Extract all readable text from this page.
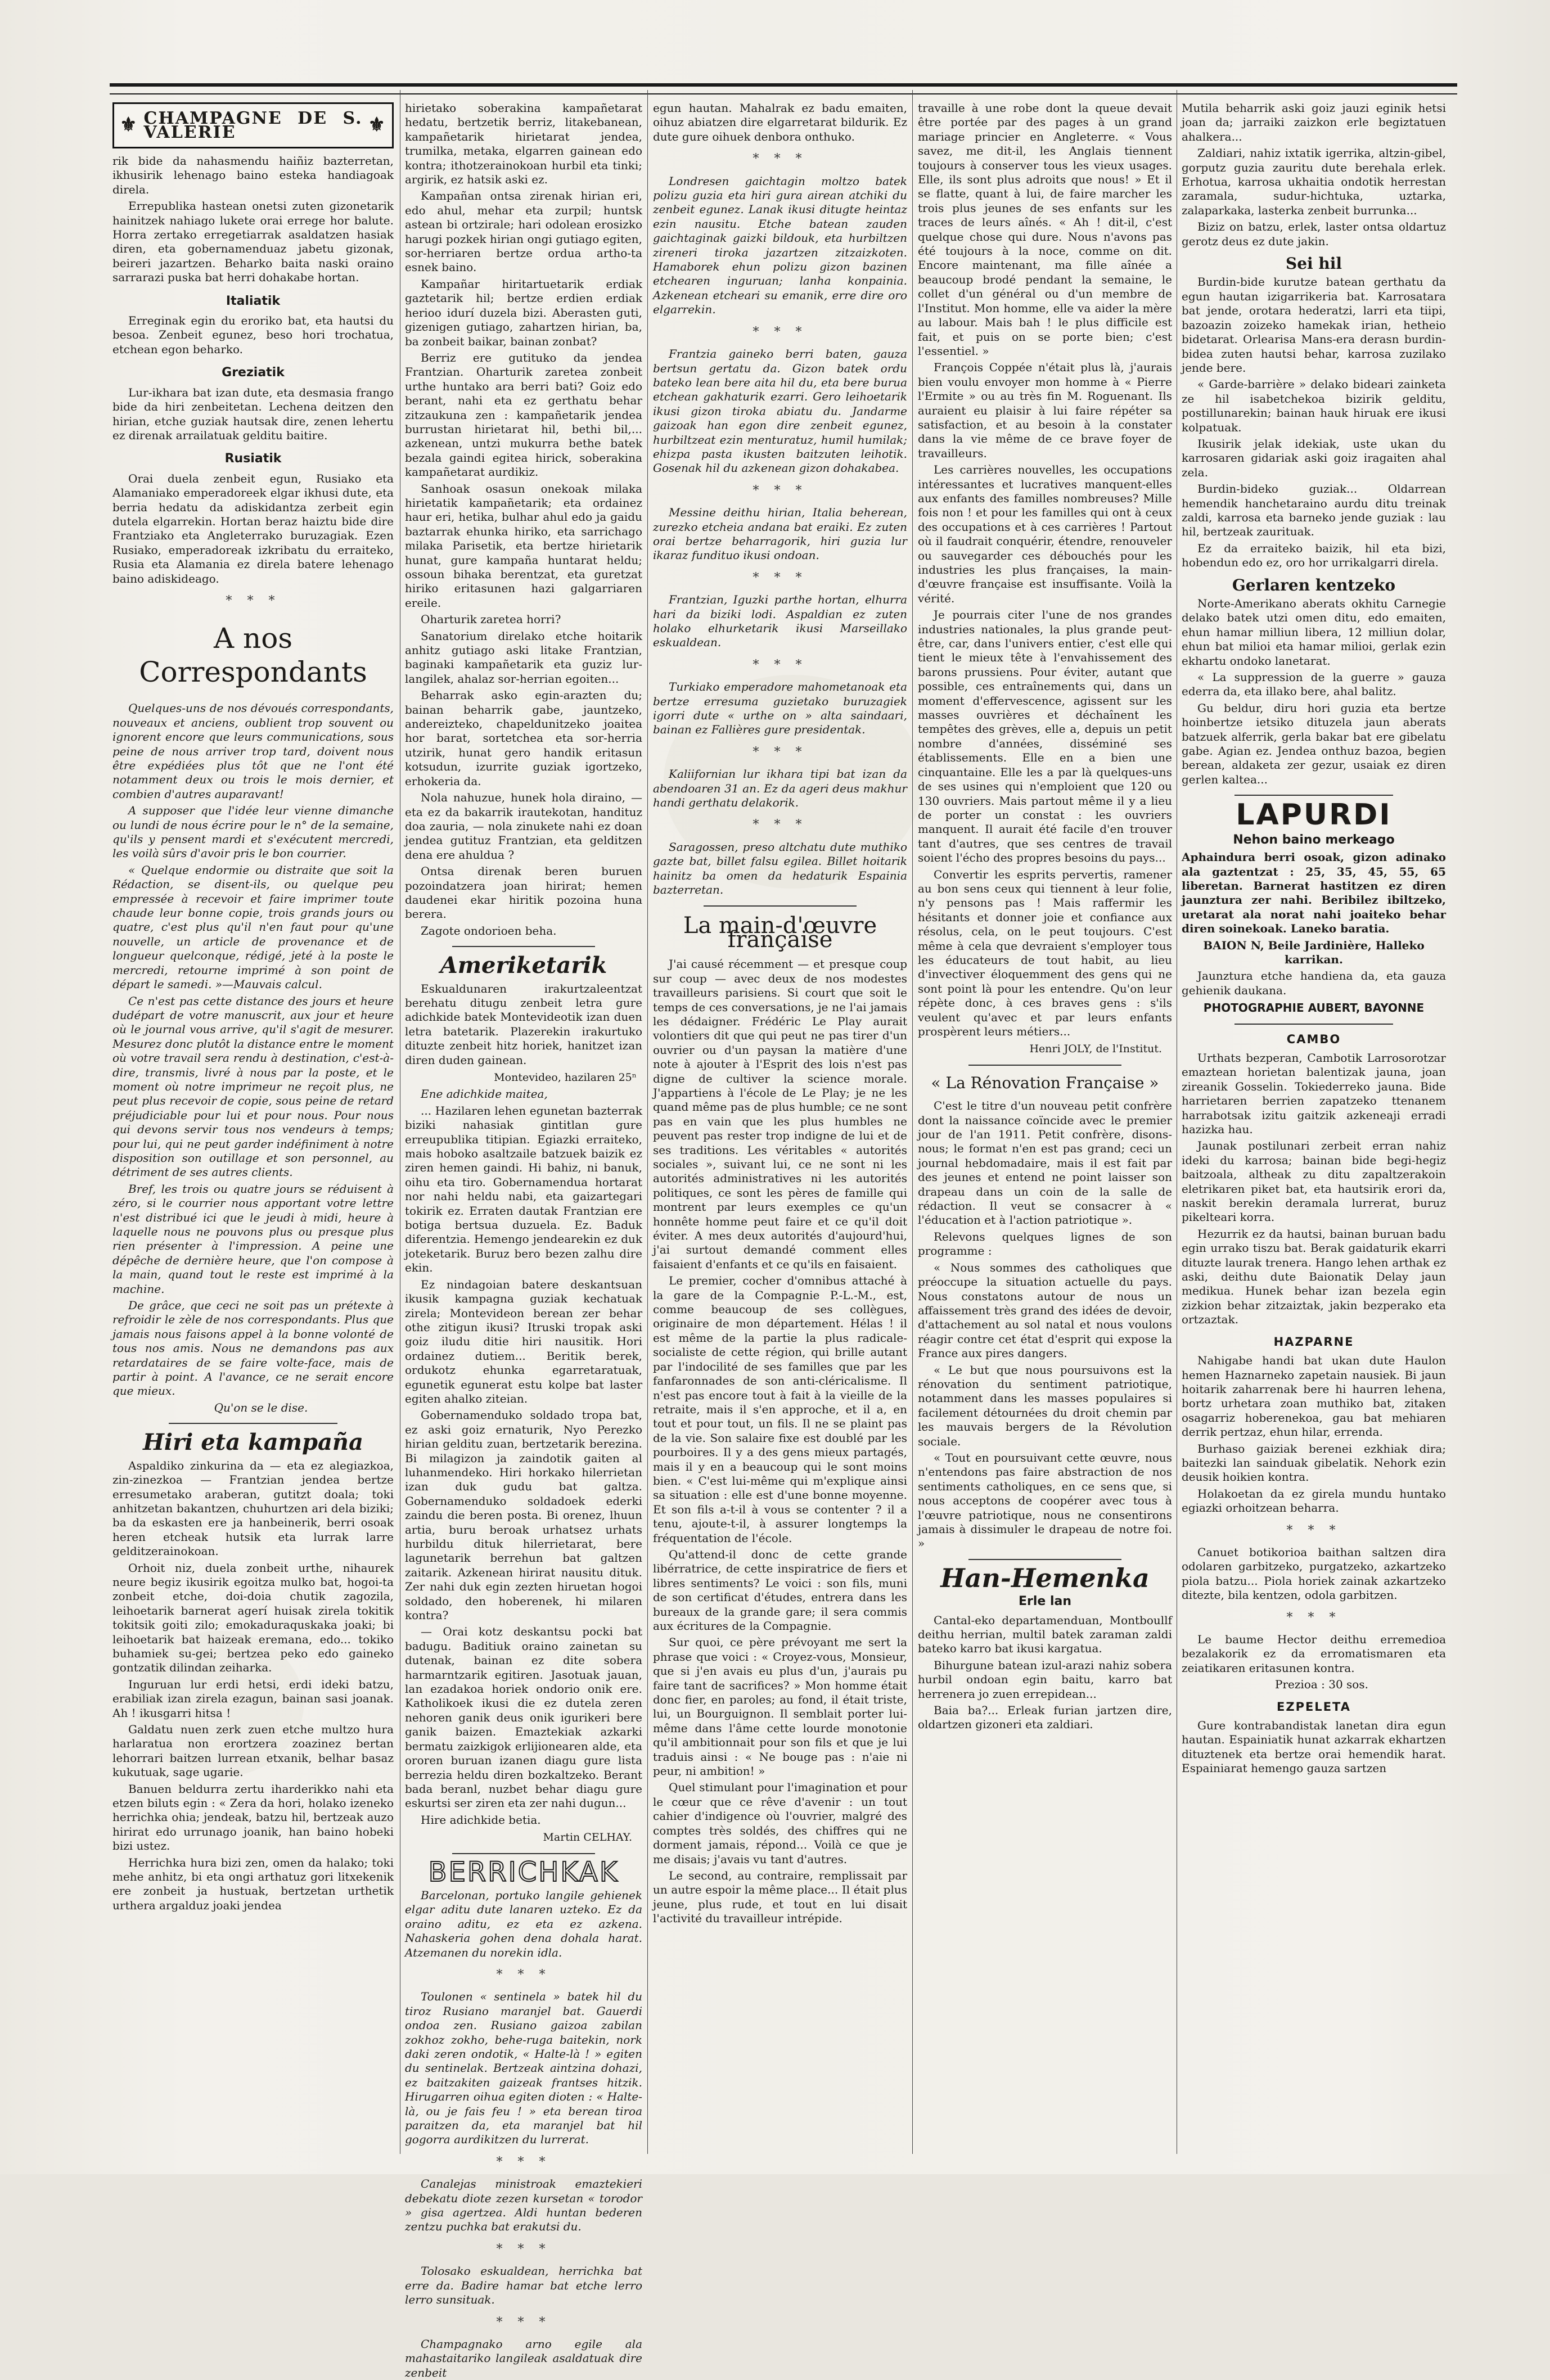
⚜ CHAMPAGNE DE S. VALERIE	⚜

rik bide da nahasmendu haiñiz bazterretan, ikhusirik lehenago baino esteka handiagoak direla.

Errepublika hastean onetsi zuten gizonetarik hainitzek nahiago lukete orai errege hor balute. Horra zertako erregetiarrak asaldatzen hasiak diren, eta gobernamenduaz jabetu gizonak, beireri jazartzen. Beharko baita naski oraino sarrarazi puska bat herri dohakabe hortan.

Italiatik

Erreginak egin du eroriko bat, eta hautsi du besoa. Zenbeit egunez, beso hori trochatua, etchean egon beharko.

Greziatik

Lur-ikhara bat izan dute, eta desmasia frango bide da hiri zenbeitetan. Lechena deitzen den hirian, etche guziak hautsak dire, zenen lehertu ez direnak arrailatuak gelditu baitire.

Rusiatik

Orai duela zenbeit egun, Rusiako eta Alamaniako emperadoreek elgar ikhusi dute, eta berria hedatu da adiskidantza zerbeit egin dutela elgarrekin. Hortan beraz haiztu bide dire Frantziako eta Angleterrako buruzagiak. Ezen Rusiako, emperadoreak izkribatu du erraiteko, Rusia eta Alamania ez direla batere lehenago baino adiskideago.

* * *
A nos Correspondants

Quelques-uns de nos dévoués correspondants, nouveaux et anciens, oublient trop souvent ou ignorent encore que leurs communications, sous peine de nous arriver trop tard, doivent nous être expédiées plus tôt que ne l'ont été notamment deux ou trois le mois dernier, et combien d'autres auparavant!

A supposer que l'idée leur vienne dimanche ou lundi de nous écrire pour le n° de la semaine, qu'ils y pensent mardi et s'exécutent mercredi, les voilà sûrs d'avoir pris le bon courrier.

« Quelque endormie ou distraite que soit la Rédaction, se disent-ils, ou quelque peu empressée à recevoir et faire imprimer toute chaude leur bonne copie, trois grands jours ou quatre, c'est plus qu'il n'en faut pour qu'une nouvelle, un article de provenance et de longueur quelconque, rédigé, jeté à la poste le mercredi, retourne imprimé à son point de départ le samedi. »—Mauvais calcul.

Ce n'est pas cette distance des jours et heure dudépart de votre manuscrit, aux jour et heure où le journal vous arrive, qu'il s'agit de mesurer. Mesurez donc plutôt la distance entre le moment où votre travail sera rendu à destination, c'est-à-dire, transmis, livré à nous par la poste, et le moment où notre imprimeur ne reçoit plus, ne peut plus recevoir de copie, sous peine de retard préjudiciable pour lui et pour nous. Pour nous qui devons servir tous nos vendeurs à temps; pour lui, qui ne peut garder indéfiniment à notre disposition son outillage et son personnel, au détriment de ses autres clients.

Bref, les trois ou quatre jours se réduisent à zéro, si le courrier nous apportant votre lettre n'est distribué ici que le jeudi à midi, heure à laquelle nous ne pouvons plus ou presque plus rien présenter à l'impression. A peine une dépêche de dernière heure, que l'on compose à la main, quand tout le reste est imprimé à la machine.

De grâce, que ceci ne soit pas un prétexte à refroidir le zèle de nos correspondants. Plus que jamais nous faisons appel à la bonne volonté de tous nos amis. Nous ne demandons pas aux retardataires de se faire volte-face, mais de partir à point. A l'avance, ce ne serait encore que mieux.

Qu'on se le dise.

Hiri eta kampaña

Aspaldiko zinkurina da — eta ez alegiazkoa, zin-zinezkoa — Frantzian jendea bertze erresumetako araberan, gutitzt doala; toki anhitzetan bakantzen, chuhurtzen ari dela biziki; ba da eskasten ere ja hanbeinerik, berri osoak heren etcheak hutsik eta lurrak larre gelditzerainokoan.

Orhoit niz, duela zonbeit urthe, nihaurek neure begiz ikusirik egoitza mulko bat, hogoi-ta zonbeit etche, doi-doia chutik zagozila, leihoetarik barnerat agerí huisak zirela tokitik tokitsik goiti zilo; emokaduraquskaka joaki; bi leihoetarik bat haizeak eremana, edo... tokiko buhamiek su-gei; bertzea peko edo gaineko gontzatik dilindan zeiharka.

Inguruan lur erdi hetsi, erdi ideki batzu, erabiliak izan zirela ezagun, bainan sasi joanak. Ah ! ikusgarri hitsa !

Galdatu nuen zerk zuen etche multzo hura harlaratua non erortzera zoazinez bertan lehorrari baitzen lurrean etxanik, belhar basaz kukutuak, sage ugarie.

Banuen beldurra zertu iharderikko nahi eta etzen biluts egin : « Zera da hori, holako izeneko herrichka ohia; jendeak, batzu hil, bertzeak auzo hirirat edo urrunago joanik, han baino hobeki bizi ustez.

Herrichka hura bizi zen, omen da halako; toki mehe anhitz, bi eta ongi arthatuz gori litxekenik ere zonbeit ja hustuak, bertzetan urthetik urthera argalduz joaki jendea

hirietako soberakina kampañetarat hedatu, bertzetik berriz, litakebanean, kampañetarik hirietarat jendea, trumilka, metaka, elgarren gainean edo kontra; ithotzerainokoan hurbil eta tinki; argirik, ez hatsik aski ez.

Kampañan ontsa zirenak hirian eri, edo ahul, mehar eta zurpil; huntsk astean bi ortzirale; hari odolean erosizko harugi pozkek hirian ongi gutiago egiten, sor-herriaren bertze ordua artho-ta esnek baino.

Kampañar hiritartuetarik erdiak gaztetarik hil; bertze erdien erdiak herioo idurí duzela bizi. Aberasten guti, gizenigen gutiago, zahartzen hirian, ba, ba zonbeit baikar, bainan zonbat?

Berriz ere gutituko da jendea Frantzian. Oharturik zaretea zonbeit urthe huntako ara berri bati? Goiz edo berant, nahi eta ez gerthatu behar zitzaukuna zen : kampañetarik jendea burrustan hirietarat hil, bethi bil,... azkenean, untzi mukurra bethe batek bezala gaindi egitea hirick, soberakina kampañetarat aurdikiz.

Sanhoak osasun onekoak milaka hirietatik kampañetarik; eta ordainez haur eri, hetika, bulhar ahul edo ja gaidu baztarrak ehunka hiriko, eta sarrichago milaka Parisetik, eta bertze hirietarik hunat, gure kampaña huntarat heldu; ossoun bihaka berentzat, eta guretzat hiriko eritasunen hazi galgarriaren ereile.

Oharturik zaretea horri?

Sanatorium direlako etche hoitarik anhitz gutiago aski litake Frantzian, baginaki kampañetarik eta guziz lur-langilek, ahalaz sor-herrian egoiten...

Beharrak asko egin-arazten du; bainan beharrik gabe, jauntzeko, andereizteko, chapeldunitzeko joaitea hor barat, sortetchea eta sor-herria utzirik, hunat gero handik eritasun kotsudun, izurrite guziak igortzeko, erhokeria da.

Nola nahuzue, hunek hola diraino, — eta ez da bakarrik irautekotan, handituz doa zauria, — nola zinukete nahi ez doan jendea gutituz Frantzian, eta gelditzen dena ere ahuldua ?

Ontsa direnak beren buruen pozoindatzera joan hirirat; hemen daudenei ekar hiritik pozoina huna berera.

Zagote ondorioen beha.

Ameriketarik

Eskualdunaren irakurtzaleentzat berehatu ditugu zenbeit letra gure adichkide batek Montevideotik izan duen letra batetarik. Plazerekin irakurtuko dituzte zenbeit hitz horiek, hanitzet izan diren duden gainean.

Montevideo, hazilaren 25ⁿ

Ene adichkide maitea,

... Hazilaren lehen egunetan bazterrak biziki nahasiak gintitlan gure erreupublika titipian. Egiazki erraiteko, mais hoboko asaltzaile batzuek baizik ez ziren hemen gaindi. Hi bahiz, ni banuk, oihu eta tiro. Gobernamendua hortarat nor nahi heldu nabi, eta gaizartegari tokirik ez. Erraten dautak Frantzian ere botiga bertsua duzuela. Ez. Baduk diferentzia. Hemengo jendearekin ez duk joteketarik. Buruz bero bezen zalhu dire ekin.

Ez nindagoian batere deskantsuan ikusik kampagna guziak kechatuak zirela; Montevideon berean zer behar othe zitigun ikusi? Itruski tropak aski goiz iludu ditie hiri nausitik. Hori ordainez dutiem... Beritik berek, ordukotz ehunka egarretaratuak, egunetik egunerat estu kolpe bat laster egiten ahalko ziteian.

Gobernamenduko soldado tropa bat, ez aski goiz ernaturik, Nyo Perezko hirian gelditu zuan, bertzetarik berezina. Bi milagizon ja zaindotik gaiten al luhanmendeko. Hiri horkako hilerrietan izan duk gudu bat galtza. Gobernamenduko soldadoek ederki zaindu die beren posta. Bi orenez, lhuun artia, buru beroak urhatsez urhats hurbildu dituk hilerrietarat, bere lagunetarik berrehun bat galtzen zaitarik. Azkenean hirirat nausitu dituk. Zer nahi duk egin zezten hiruetan hogoi soldado, den hoberenek, hi milaren kontra?

— Orai kotz deskantsu pocki bat badugu. Baditiuk oraino zainetan su dutenak, bainan ez dite sobera harmarntzarik egitiren. Jasotuak jauan, lan ezadakoa horiek ondorio onik ere. Katholikoek ikusi die ez dutela zeren nehoren ganik deus onik igurikeri bere ganik baizen. Emaztekiak azkarki bermatu zaizkigok erlijionearen alde, eta ororen buruan izanen diagu gure lista berrezia heldu diren bozkaltzeko. Berant bada beranl, nuzbet behar diagu gure eskurtsi ser ziren eta zer nahi dugun...

Hire adichkide betia.

Martin CELHAY.
BERRICHKAK

Barcelonan, portuko langile gehienek elgar aditu dute lanaren uzteko. Ez da oraino aditu, ez eta ez azkena. Nahaskeria gohen dena dohala harat. Atzemanen du norekin idla.

* * *

Toulonen « sentinela » batek hil du tiroz Rusiano maranjel bat. Gauerdi ondoa zen. Rusiano gaizoa zabilan zokhoz zokho, behe-ruga baitekin, nork daki zeren ondotik, « Halte-là ! » egiten du sentinelak. Bertzeak aintzina dohazi, ez baitzakiten gaizeak frantses hitzik. Hirugarren oihua egiten dioten : « Halte-là, ou je fais feu ! » eta berean tiroa paraitzen da, eta maranjel bat hil gogorra aurdikitzen du lurrerat.

* * *

Canalejas ministroak emaztekieri debekatu diote zezen kursetan « torodor » gisa agertzea. Aldi huntan bederen zentzu puchka bat erakutsi du.

* * *

Tolosako eskualdean, herrichka bat erre da. Badire hamar bat etche lerro lerro sunsituak.

* * *

Champagnako arno egile ala mahastaitariko langileak asaldatuak dire zenbeit

egun hautan. Mahalrak ez badu emaiten, oihuz abiatzen dire elgarretarat bildurik. Ez dute gure oihuek denbora onthuko.

* * *

Londresen gaichtagin moltzo batek polizu guzia eta hiri gura airean atchiki du zenbeit egunez. Lanak ikusi ditugte heintaz ezin nausitu. Etche batean zauden gaichtaginak gaizki bildouk, eta hurbiltzen zireneri tiroka jazartzen zitzaizkoten. Hamaborek ehun polizu gizon bazinen etchearen inguruan; lanha konpainia. Azkenean etcheari su emanik, erre dire oro elgarrekin.

* * *

Frantzia gaineko berri baten, gauza bertsun gertatu da. Gizon batek ordu bateko lean bere aita hil du, eta bere burua etchean gakhaturik ezarri. Gero leihoetarik ikusi gizon tiroka abiatu du. Jandarme gaizoak han egon dire zenbeit egunez, hurbiltzeat ezin menturatuz, humil humilak; ehizpa pasta ikusten baitzuten leihotik. Gosenak hil du azkenean gizon dohakabea.

* * *

Messine deithu hirian, Italia beherean, zurezko etcheia andana bat eraiki. Ez zuten orai bertze beharragorik, hiri guzia lur ikaraz fundituo ikusi ondoan.

* * *

Frantzian, Iguzki parthe hortan, elhurra hari da biziki lodi. Aspaldian ez zuten holako elhurketarik ikusi Marseillako eskualdean.

* * *

Turkiako emperadore mahometanoak eta bertze erresuma guzietako buruzagiek igorri dute « urthe on » alta saindaari, bainan ez Fallières gure presidentak.

* * *

Kaliifornian lur ikhara tipi bat izan da abendoaren 31 an. Ez da ageri deus makhur handi gerthatu delakorik.

* * *

Saragossen, preso altchatu dute muthiko gazte bat, billet falsu egilea. Billet hoitarik hainitz ba omen da hedaturik Espainia bazterretan.

La main-d'œuvre française

J'ai causé récemment — et presque coup sur coup — avec deux de nos modestes travailleurs parisiens. Si court que soit le temps de ces conversations, je ne l'ai jamais les dédaigner. Frédéric Le Play aurait volontiers dit que qui peut ne pas tirer d'un ouvrier ou d'un paysan la matière d'une note à ajouter à l'Esprit des lois n'est pas digne de cultiver la science morale. J'appartiens à l'école de Le Play; je ne les quand même pas de plus humble; ce ne sont pas en vain que les plus humbles ne peuvent pas rester trop indigne de lui et de ses traditions. Les véritables « autorités sociales », suivant lui, ce ne sont ni les autorités administratives ni les autorités politiques, ce sont les pères de famille qui montrent par leurs exemples ce qu'un honnête homme peut faire et ce qu'il doit éviter. A mes deux autorités d'aujourd'hui, j'ai surtout demandé comment elles faisaient d'enfants et ce qu'ils en faisaient.

Le premier, cocher d'omnibus attaché à la gare de la Compagnie P.-L.-M., est, comme beaucoup de ses collègues, originaire de mon département. Hélas ! il est même de la partie la plus radicale-socialiste de cette région, qui brille autant par l'indocilité de ses familles que par les fanfaronnades de son anti-cléricalisme. Il n'est pas encore tout à fait à la vieille de la retraite, mais il s'en approche, et il a, en tout et pour tout, un fils. Il ne se plaint pas de la vie. Son salaire fixe est doublé par les pourboires. Il y a des gens mieux partagés, mais il y en a beaucoup qui le sont moins bien. « C'est lui-même qui m'explique ainsi sa situation : elle est d'une bonne moyenne. Et son fils a-t-il à vous se contenter ? il a tenu, ajoute-t-il, à assurer longtemps la fréquentation de l'école.

Qu'attend-il donc de cette grande libérratrice, de cette inspiratrice de fiers et libres sentiments? Le voici : son fils, muni de son certificat d'études, entrera dans les bureaux de la grande gare; il sera commis aux écritures de la Compagnie.

Sur quoi, ce père prévoyant me sert la phrase que voici : « Croyez-vous, Monsieur, que si j'en avais eu plus d'un, j'aurais pu faire tant de sacrifices? » Mon homme était donc fier, en paroles; au fond, il était triste, lui, un Bourguignon. Il semblait porter lui-même dans l'âme cette lourde monotonie qu'il ambitionnait pour son fils et que je lui traduis ainsi : « Ne bouge pas : n'aie ni peur, ni ambition! »

Quel stimulant pour l'imagination et pour le cœur que ce rêve d'avenir : un tout cahier d'indigence où l'ouvrier, malgré des comptes très soldés, des chiffres qui ne dorment jamais, répond... Voilà ce que je me disais; j'avais vu tant d'autres.

Le second, au contraire, remplissait par un autre espoir la même place... Il était plus jeune, plus rude, et tout en lui disait l'activité du travailleur intrépide.

travaille à une robe dont la queue devait être portée par des pages à un grand mariage princier en Angleterre. « Vous savez, me dit-il, les Anglais tiennent toujours à conserver tous les vieux usages. Elle, ils sont plus adroits que nous! » Et il se flatte, quant à lui, de faire marcher les trois plus jeunes de ses enfants sur les traces de leurs aînés. « Ah ! dit-il, c'est quelque chose qui dure. Nous n'avons pas été toujours à la noce, comme on dit. Encore maintenant, ma fille aînée a beaucoup brodé pendant la semaine, le collet d'un général ou d'un membre de l'Institut. Mon homme, elle va aider la mère au labour. Mais bah ! le plus difficile est fait, et puis on se porte bien; c'est l'essentiel. »

François Coppée n'était plus là, j'aurais bien voulu envoyer mon homme à « Pierre l'Ermite » ou au très fin M. Roguenant. Ils auraient eu plaisir à lui faire répéter sa satisfaction, et au besoin à la constater dans la vie même de ce brave foyer de travailleurs.

Les carrières nouvelles, les occupations intéressantes et lucratives manquent-elles aux enfants des familles nombreuses? Mille fois non ! et pour les familles qui ont à ceux des occupations et à ces carrières ! Partout où il faudrait conquérir, étendre, renouveler ou sauvegarder ces débouchés pour les industries les plus françaises, la main-d'œuvre française est insuffisante. Voilà la vérité.

Je pourrais citer l'une de nos grandes industries nationales, la plus grande peut-être, car, dans l'univers entier, c'est elle qui tient le mieux tête à l'envahissement des barons prussiens. Pour éviter, autant que possible, ces entraînements qui, dans un moment d'effervescence, agissent sur les masses ouvrières et déchaînent les tempêtes des grèves, elle a, depuis un petit nombre d'années, disséminé ses établissements. Elle en a bien une cinquantaine. Elle les a par là quelques-uns de ses usines qui n'emploient que 120 ou 130 ouvriers. Mais partout même il y a lieu de porter un constat : les ouvriers manquent. Il aurait été facile d'en trouver tant d'autres, que ses centres de travail soient l'écho des propres besoins du pays...

Convertir les esprits pervertis, ramener au bon sens ceux qui tiennent à leur folie, n'y pensons pas ! Mais raffermir les hésitants et donner joie et confiance aux résolus, cela, on le peut toujours. C'est même à cela que devraient s'employer tous les éducateurs de tout habit, au lieu d'invectiver éloquemment des gens qui ne sont point là pour les entendre. Qu'on leur répète donc, à ces braves gens : s'ils veulent qu'avec et par leurs enfants prospèrent leurs métiers...

Henri JOLY, de l'Institut.
« La Rénovation Française »

C'est le titre d'un nouveau petit confrère dont la naissance coïncide avec le premier jour de l'an 1911. Petit confrère, disons-nous; le format n'en est pas grand; ceci un journal hebdomadaire, mais il est fait par des jeunes et entend ne point laisser son drapeau dans un coin de la salle de rédaction. Il veut se consacrer à « l'éducation et à l'action patriotique ».

Relevons quelques lignes de son programme :

« Nous sommes des catholiques que préoccupe la situation actuelle du pays. Nous constatons autour de nous un affaissement très grand des idées de devoir, d'attachement au sol natal et nous voulons réagir contre cet état d'esprit qui expose la France aux pires dangers.

« Le but que nous poursuivons est la rénovation du sentiment patriotique, notamment dans les masses populaires si facilement détournées du droit chemin par les mauvais bergers de la Révolution sociale.

« Tout en poursuivant cette œuvre, nous n'entendons pas faire abstraction de nos sentiments catholiques, en ce sens que, si nous acceptons de coopérer avec tous à l'œuvre patriotique, nous ne consentirons jamais à dissimuler le drapeau de notre foi. »

Han-Hemenka
Erle lan

Cantal-eko departamenduan, Montboullf deithu herrian, multil batek zaraman zaldi bateko karro bat ikusi kargatua.

Bihurgune batean izul-arazi nahiz sobera hurbil ondoan egin baitu, karro bat herrenera jo zuen errepidean...

Baia ba?... Erleak furian jartzen dire, oldartzen gizoneri eta zaldiari.

Mutila beharrik aski goiz jauzi eginik hetsi joan da; jarraiki zaizkon erle begiztatuen ahalkera...

Zaldiari, nahiz ixtatik igerrika, altzin-gibel, gorputz guzia zauritu dute berehala erlek. Erhotua, karrosa ukhaitia ondotik herrestan zaramala, sudur-hichtuka, uztarka, zalaparkaka, lasterka zenbeit burrunka...

Biziz on batzu, erlek, laster ontsa oldartuz gerotz deus ez dute jakin.

Sei hil

Burdin-bide kurutze batean gerthatu da egun hautan izigarrikeria bat. Karrosatara bat jende, orotara hederatzi, larri eta tiipi, bazoazin zoizeko hamekak irian, hetheio bidetarat. Orlearisa Mans-era derasn burdin-bidea zuten hautsi behar, karrosa zuzilako jende bere.

« Garde-barrière » delako bideari zainketa ze hil isabetchekoa bizirik gelditu, postillunarekin; bainan hauk hiruak ere ikusi kolpatuak.

Ikusirik jelak idekiak, uste ukan du karrosaren gidariak aski goiz iragaiten ahal zela.

Burdin-bideko guziak... Oldarrean hemendik hanchetaraino aurdu ditu treinak zaldi, karrosa eta barneko jende guziak : lau hil, bertzeak zaurituak.

Ez da erraiteko baizik, hil eta bizi, hobendun edo ez, oro hor urrikalgarri direla.

Gerlaren kentzeko

Norte-Amerikano aberats okhitu Carnegie delako batek utzi omen ditu, edo emaiten, ehun hamar milliun libera, 12 milliun dolar, ehun bat milioi eta hamar milioi, gerlak ezin ekhartu ondoko lanetarat.

« La suppression de la guerre » gauza ederra da, eta illako bere, ahal balitz.

Gu beldur, diru hori guzia eta bertze hoinbertze ietsiko dituzela jaun aberats batzuek alferrik, gerla bakar bat ere gibelatu gabe. Agian ez. Jendea onthuz bazoa, begien berean, aldaketa zer gezur, usaiak ez diren gerlen kaltea...

LAPURDI
Nehon baino merkeago

Aphaindura berri osoak, gizon adinako ala gaztentzat : 25, 35, 45, 55, 65 liberetan. Barnerat hastitzen ez diren jaunztura zer nahi. Beribilez ibiltzeko, uretarat ala norat nahi joaiteko behar diren soinekoak. Laneko baratia.

BAION N, Beile Jardinière, Halleko karrikan.

Jaunztura etche handiena da, eta gauza gehienik daukana.

PHOTOGRAPHIE AUBERT, BAYONNE
CAMBO

Urthats bezperan, Cambotik Larrosorotzar emaztean horietan balentizak jauna, joan zireanik Gosselin. Tokiederreko jauna. Bide harrietaren berrien zapatzeko ttenanem harrabotsak izitu gaitzik azkeneaji erradi hazizka hau.

Jaunak postilunari zerbeit erran nahiz ideki du karrosa; bainan bide begi-hegiz baitzoala, altheak zu ditu zapaltzerakoin eletrikaren piket bat, eta hautsirik erori da, naskit berekin deramala lurrerat, buruz pikelteari korra.

Hezurrik ez da hautsi, bainan buruan badu egin urrako tiszu bat. Berak gaidaturik ekarri dituzte laurak trenera. Hango lehen arthak ez aski, deithu dute Baionatik Delay jaun medikua. Hunek behar izan bezela egin zizkion behar zitzaiztak, jakin bezperako eta ortzaztak.

HAZPARNE

Nahigabe handi bat ukan dute Haulon hemen Haznarneko zapetain nausiek. Bi jaun hoitarik zaharrenak bere hi haurren lehena, bortz urhetara zoan muthiko bat, zitaken osagarriz hoberenekoa, gau bat mehiaren derrik pertzaz, ehun hilar, errenda.

Burhaso gaiziak berenei ezkhiak dira; baitezki lan sainduak gibelatik. Nehork ezin deusik hoikien kontra.

Holakoetan da ez girela mundu huntako egiazki orhoitzean beharra.

* * *

Canuet botikorioa baithan saltzen dira odolaren garbitzeko, purgatzeko, azkartzeko piola batzu... Piola horiek zainak azkartzeko ditezte, bila kentzen, odola garbitzen.

* * *

Le baume Hector deithu erremedioa bezalakorik ez da erromatismaren eta zeiatikaren eritasunen kontra.

Prezioa : 30 sos.

EZPELETA

Gure kontrabandistak lanetan dira egun hautan. Espainiatik hunat azkarrak ekhartzen dituztenek eta bertze orai hemendik harat. Espainiarat hemengo gauza sartzen
